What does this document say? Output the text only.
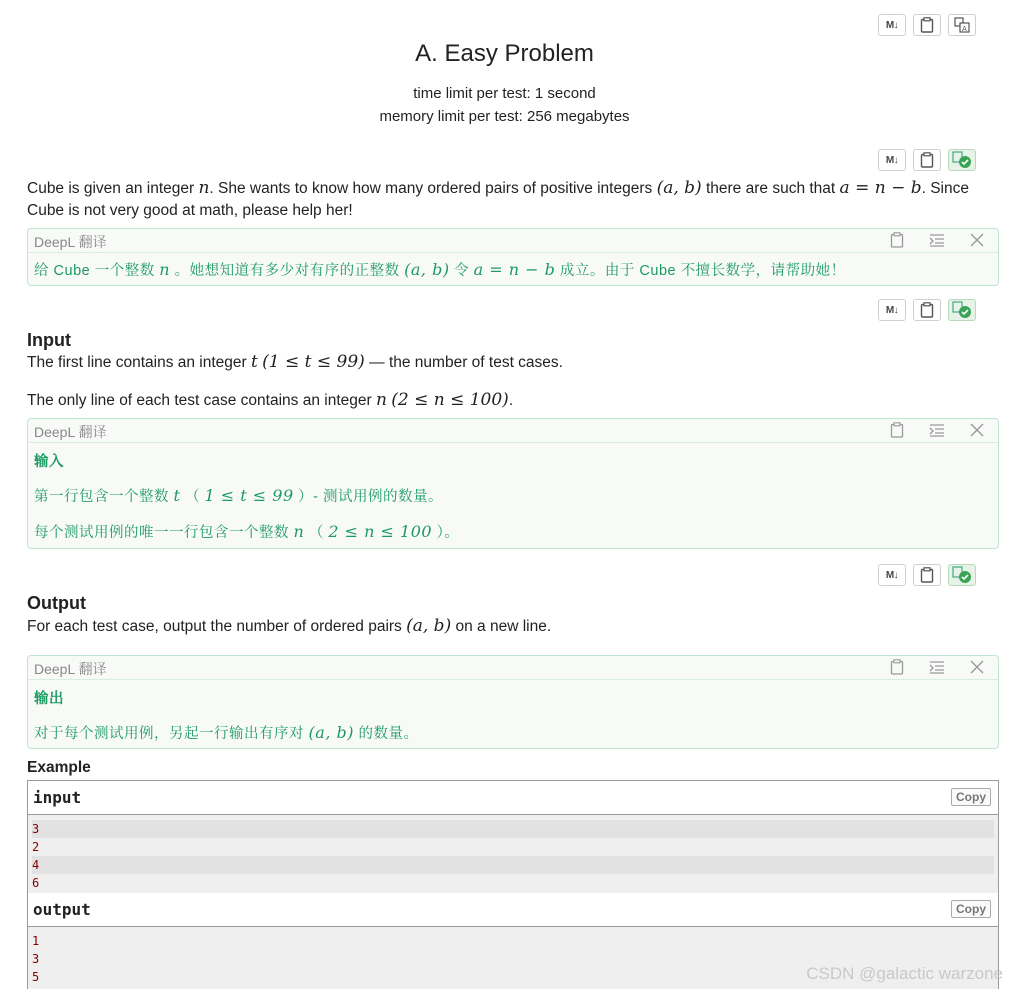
M↓	A
A. Easy Problem
time limit per test: 1 second
memory limit per test: 256 megabytes
M↓
Cube is given an integer n. She wants to know how many ordered pairs of positive integers (a, b) there are such that a = n − b. Since
Cube is not very good at math, please help her!
DeepL 翻译
给 Cube 一个整数 n 。她想知道有多少对有序的正整数 (a, b) 令 a = n − b 成立。由于 Cube 不擅长数学，请帮助她！
M↓
Input
The first line contains an integer t (1 ≤ t ≤ 99) — the number of test cases.
The only line of each test case contains an integer n (2 ≤ n ≤ 100).
DeepL 翻译
输入
第一行包含一个整数 t （ 1 ≤ t ≤ 99 ）- 测试用例的数量。
每个测试用例的唯一一行包含一个整数 n （ 2 ≤ n ≤ 100 ）。
M↓
Output
For each test case, output the number of ordered pairs (a, b) on a new line.
DeepL 翻译
输出
对于每个测试用例，另起一行输出有序对 (a, b) 的数量。
Example
input	Copy
3
2
4
6
output	Copy
1
3
5	CSDN @galactic warzone
